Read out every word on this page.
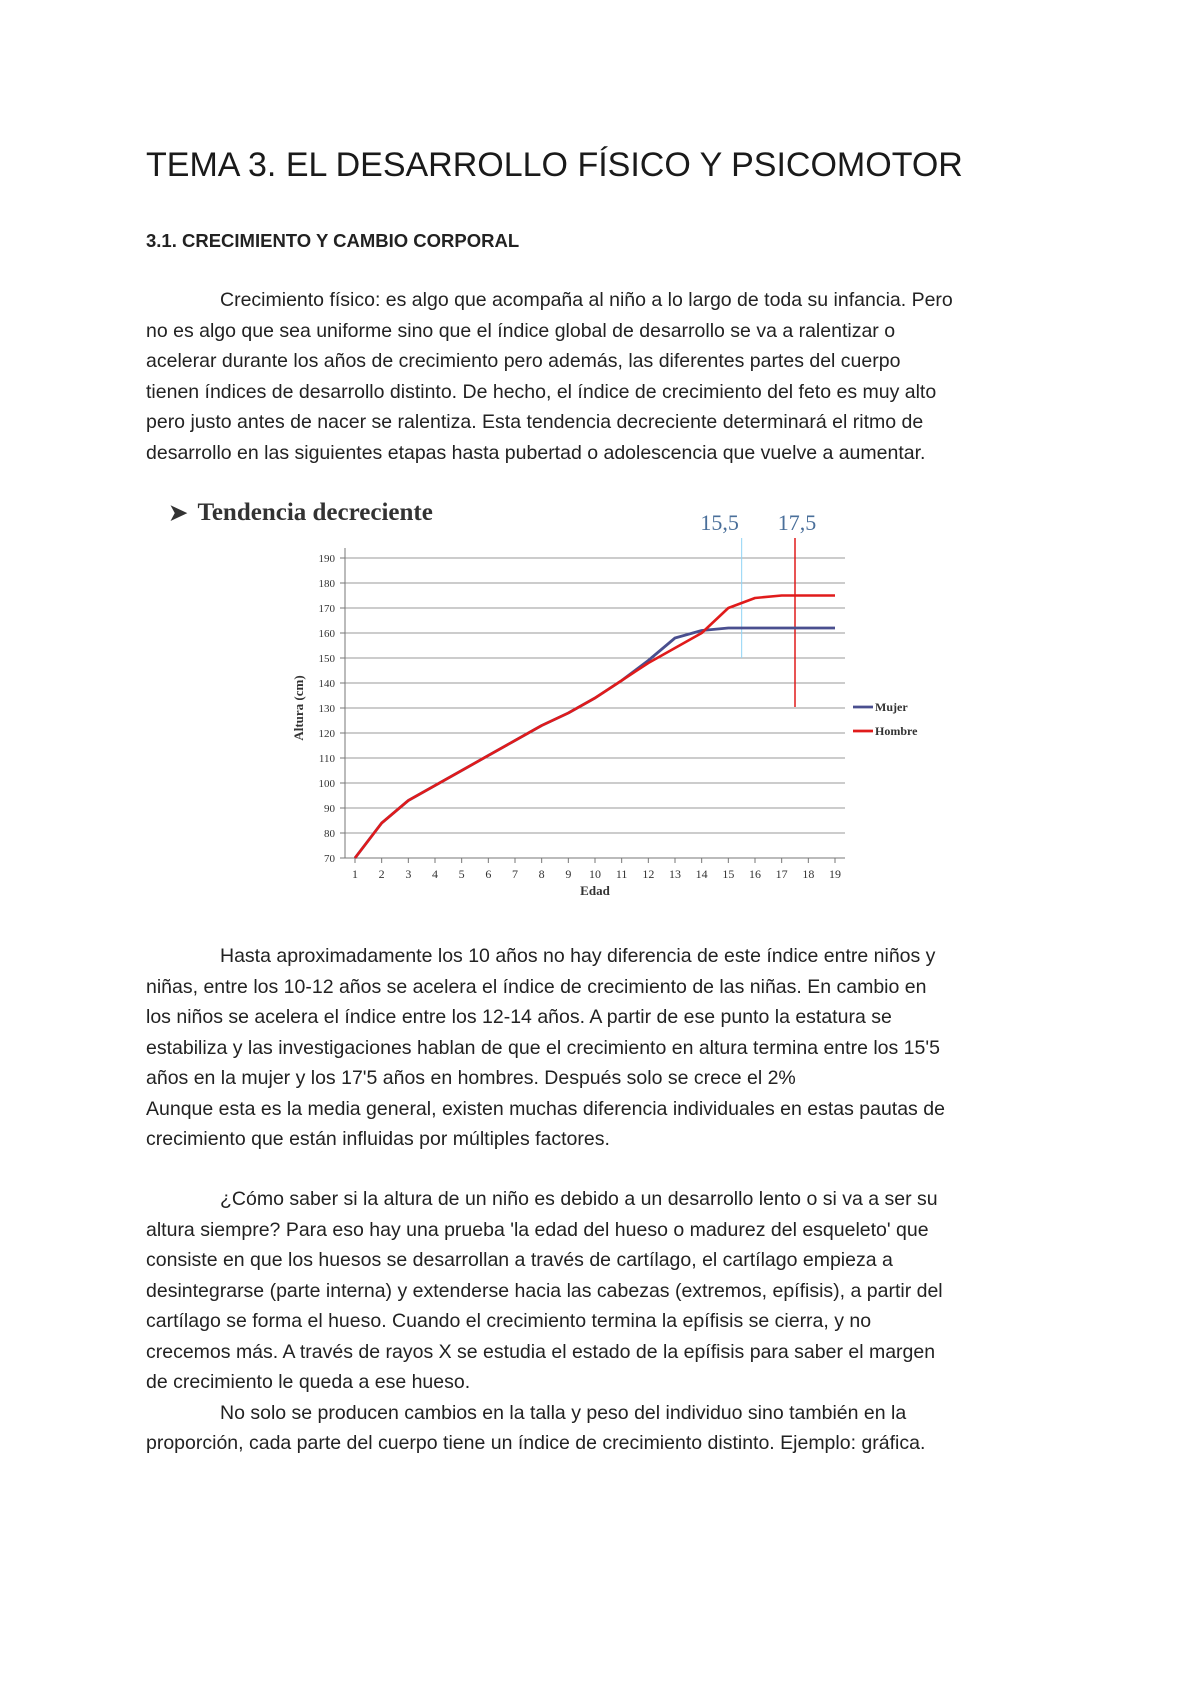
TEMA 3. EL DESARROLLO FÍSICO Y PSICOMOTOR
3.1. CRECIMIENTO Y CAMBIO CORPORAL

Crecimiento físico: es algo que acompaña al niño a lo largo de toda su infancia. Pero
no es algo que sea uniforme sino que el índice global de desarrollo se va a ralentizar o
acelerar durante los años de crecimiento pero además, las diferentes partes del cuerpo
tienen índices de desarrollo distinto. De hecho, el índice de crecimiento del feto es muy alto
pero justo antes de nacer se ralentiza. Esta tendencia decreciente determinará el ritmo de
desarrollo en las siguientes etapas hasta pubertad o adolescencia que vuelve a aumentar.

Hasta aproximadamente los 10 años no hay diferencia de este índice entre niños y
niñas, entre los 10-12 años se acelera el índice de crecimiento de las niñas. En cambio en
los niños se acelera el índice entre los 12-14 años. A partir de ese punto la estatura se
estabiliza y las investigaciones hablan de que el crecimiento en altura termina entre los 15'5
años en la mujer y los 17'5 años en hombres. Después solo se crece el 2%
Aunque esta es la media general, existen muchas diferencia individuales en estas pautas de
crecimiento que están influidas por múltiples factores.

¿Cómo saber si la altura de un niño es debido a un desarrollo lento o si va a ser su
altura siempre? Para eso hay una prueba 'la edad del hueso o madurez del esqueleto' que
consiste en que los huesos se desarrollan a través de cartílago, el cartílago empieza a
desintegrarse (parte interna) y extenderse hacia las cabezas (extremos, epífisis), a partir del
cartílago se forma el hueso. Cuando el crecimiento termina la epífisis se cierra, y no
crecemos más. A través de rayos X se estudia el estado de la epífisis para saber el margen
de crecimiento le queda a ese hueso.
No solo se producen cambios en la talla y peso del individuo sino también en la
proporción, cada parte del cuerpo tiene un índice de crecimiento distinto. Ejemplo: gráfica.

➤ Tendencia decreciente
70
80
90
100
110
120
130
140
150
160
170
180
190
1 2 3 4 5 6 7 8 9 10 11 12 13 14 15 16 17 18 19
Edad
Altura (cm)
15,5 17,5
Mujer
Hombre
